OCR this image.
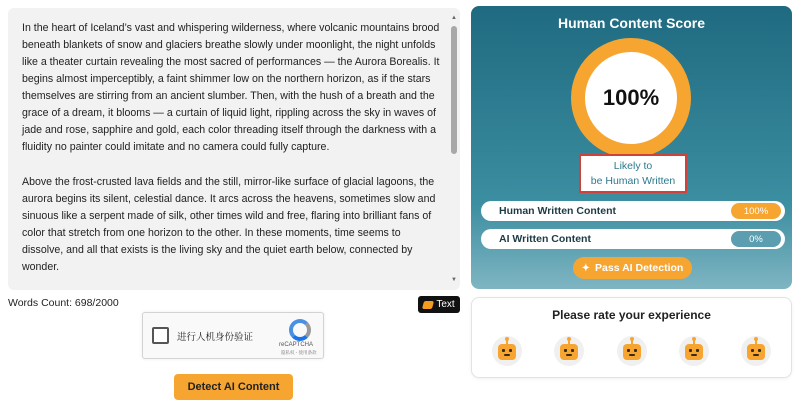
In the heart of Iceland’s vast and whispering wilderness, where volcanic mountains brood beneath blankets of snow and glaciers breathe slowly under moonlight, the night unfolds like a theater curtain revealing the most sacred of performances — the Aurora Borealis. It begins almost imperceptibly, a faint shimmer low on the northern horizon, as if the stars themselves are stirring from an ancient slumber. Then, with the hush of a breath and the grace of a dream, it blooms — a curtain of liquid light, rippling across the sky in waves of jade and rose, sapphire and gold, each color threading itself through the darkness with a fluidity no painter could imitate and no camera could fully capture.

Above the frost-crusted lava fields and the still, mirror-like surface of glacial lagoons, the aurora begins its silent, celestial dance. It arcs across the heavens, sometimes slow and sinuous like a serpent made of silk, other times wild and free, flaring into brilliant fans of color that stretch from one horizon to the other. In these moments, time seems to dissolve, and all that exists is the living sky and the quiet earth below, connected by wonder.

▲
▼
Words Count: 698/2000	Text
进行人机身份验证
reCAPTCHA
隐私权 - 使用条款
Detect AI Content
Human Content Score
100%
Likely to
be Human Written
Human Written Content	100%
AI Written Content	0%
✦ Pass AI Detection
Please rate your experience
